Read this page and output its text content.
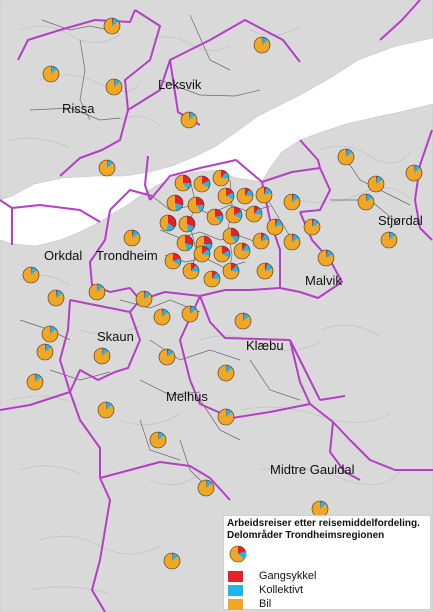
Rissa
Leksvik
Stjørdal
Orkdal Trondheim
Malvik
Skaun
Klæbu
Melhus
Midtre Gauldal
Arbeidsreiser etter reisemiddelfordeling.
Delområder Trondheimsregionen
Gangsykkel
Kollektivt
Bil
